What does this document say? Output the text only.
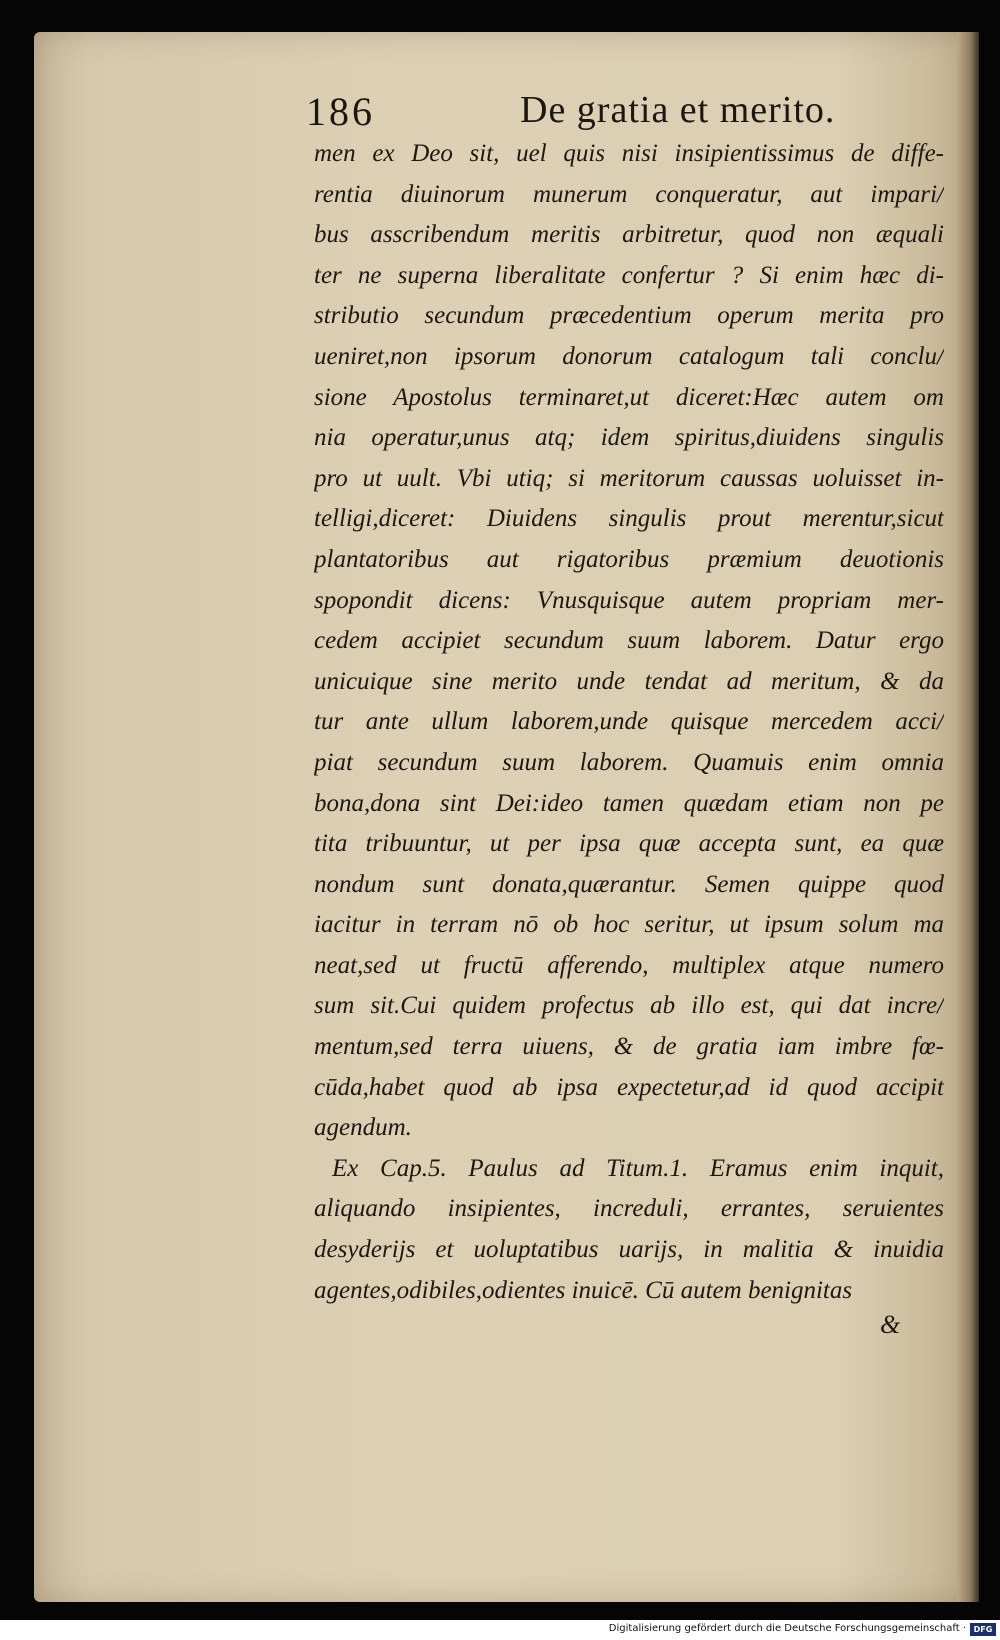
186	De gratia et merito.
men ex Deo sit, uel quis nisi insipientissimus de diffe-
rentia diuinorum munerum conqueratur, aut impari/
bus asscribendum meritis arbitretur, quod non æquali
ter ne superna liberalitate confertur ? Si enim hæc di-
stributio secundum præcedentium operum merita pro
ueniret,non ipsorum donorum catalogum tali conclu/
sione Apostolus terminaret,ut diceret:Hæc autem om
nia operatur,unus atq; idem spiritus,diuidens singulis
pro ut uult. Vbi utiq; si meritorum caussas uoluisset in-
telligi,diceret: Diuidens singulis prout merentur,sicut
plantatoribus aut rigatoribus præmium deuotionis
spopondit dicens: Vnusquisque autem propriam mer-
cedem accipiet secundum suum laborem. Datur ergo
unicuique sine merito unde tendat ad meritum, & da
tur ante ullum laborem,unde quisque mercedem acci/
piat secundum suum laborem. Quamuis enim omnia
bona,dona sint Dei:ideo tamen quædam etiam non pe
tita tribuuntur, ut per ipsa quæ accepta sunt, ea quæ
nondum sunt donata,quærantur. Semen quippe quod
iacitur in terram nō ob hoc seritur, ut ipsum solum ma
neat,sed ut fructū afferendo, multiplex atque numero
sum sit.Cui quidem profectus ab illo est, qui dat incre/
mentum,sed terra uiuens, & de gratia iam imbre fœ-
cūda,habet quod ab ipsa expectetur,ad id quod accipit
agendum.
Ex Cap.5. Paulus ad Titum.1. Eramus enim inquit,
aliquando insipientes, increduli, errantes, seruientes
desyderijs et uoluptatibus uarijs, in malitia & inuidia
agentes,odibiles,odientes inuicē. Cū autem benignitas
&
Digitalisierung gefördert durch die Deutsche Forschungsgemeinschaft · DFG
